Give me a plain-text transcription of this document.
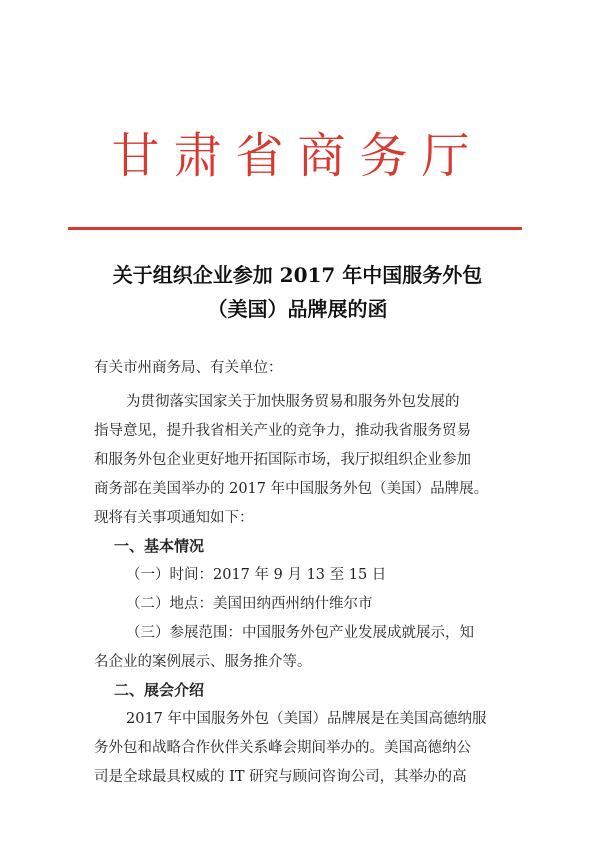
甘肃省商务厅
关于组织企业参加 2017 年中国服务外包
（美国）品牌展的函
有关市州商务局、有关单位：
为贯彻落实国家关于加快服务贸易和服务外包发展的
指导意见，提升我省相关产业的竞争力，推动我省服务贸易
和服务外包企业更好地开拓国际市场，我厅拟组织企业参加
商务部在美国举办的 2017 年中国服务外包（美国）品牌展。
现将有关事项通知如下：
一、基本情况
（一）时间：2017 年 9 月 13 至 15 日
（二）地点：美国田纳西州纳什维尔市
（三）参展范围：中国服务外包产业发展成就展示，知
名企业的案例展示、服务推介等。
二、展会介绍
2017 年中国服务外包（美国）品牌展是在美国高德纳服
务外包和战略合作伙伴关系峰会期间举办的。美国高德纳公
司是全球最具权威的 IT 研究与顾问咨询公司，其举办的高
